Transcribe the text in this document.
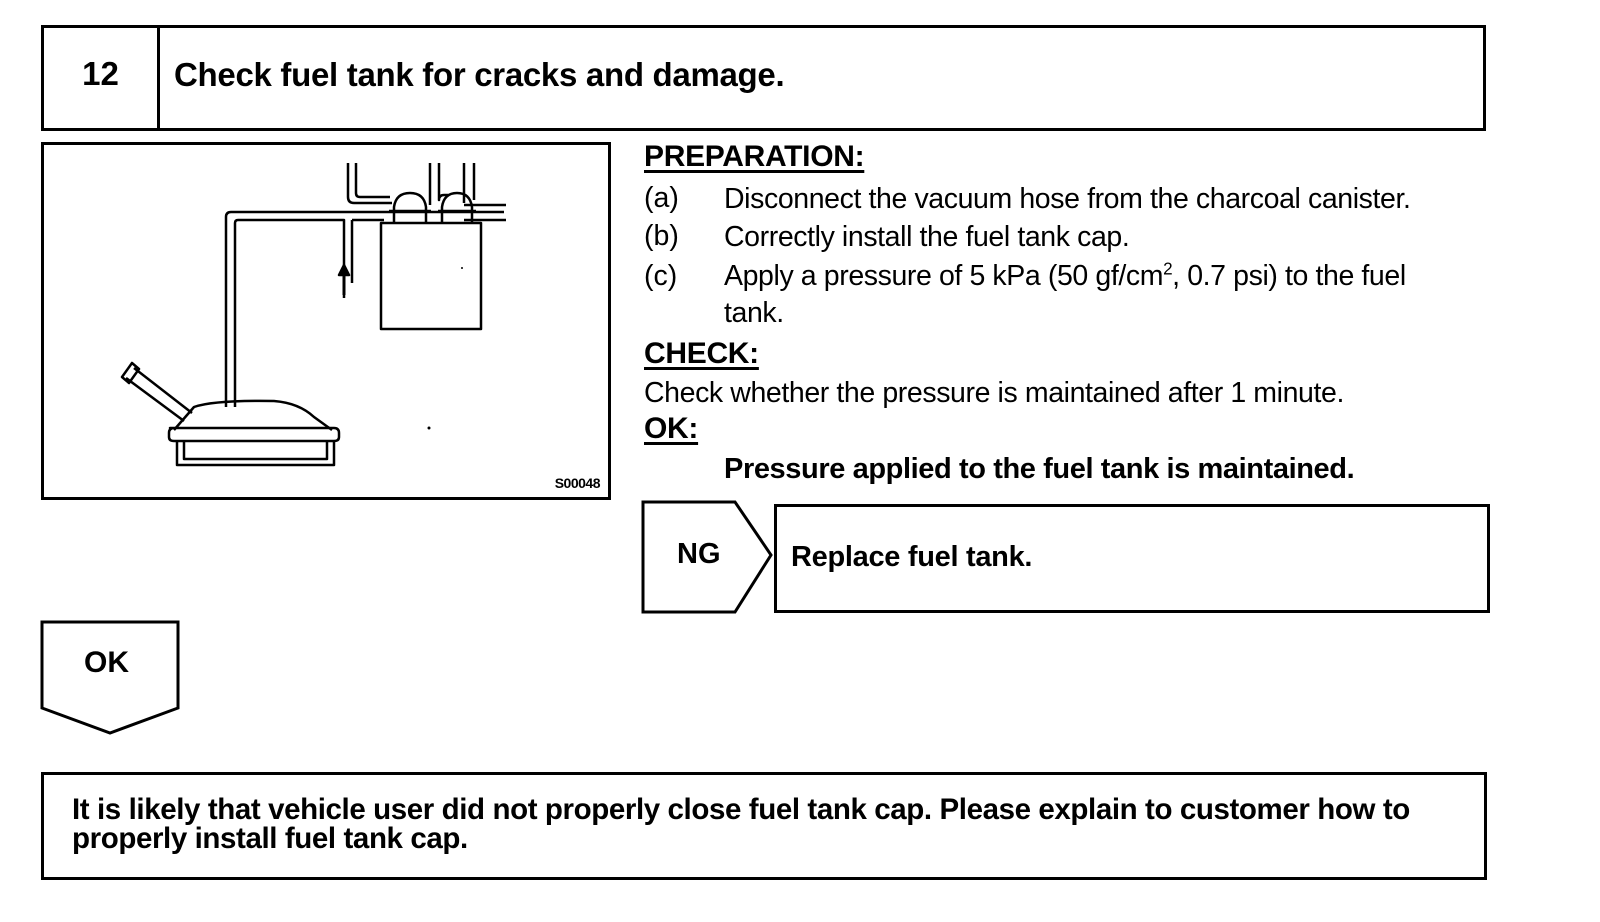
12	Check fuel tank for cracks and damage.
S00048
PREPARATION:
(a) Disconnect the vacuum hose from the charcoal canister.
(b) Correctly install the fuel tank cap.
(c) Apply a pressure of 5 kPa (50 $gf/cm^2$, 0.7 psi) to the fuel
tank.
CHECK:
Check whether the pressure is maintained after 1 minute.
OK:
Pressure applied to the fuel tank is maintained.
NG Replace fuel tank.
OK
It is likely that vehicle user did not properly close fuel tank cap. Please explain to customer how to properly install fuel tank cap.
